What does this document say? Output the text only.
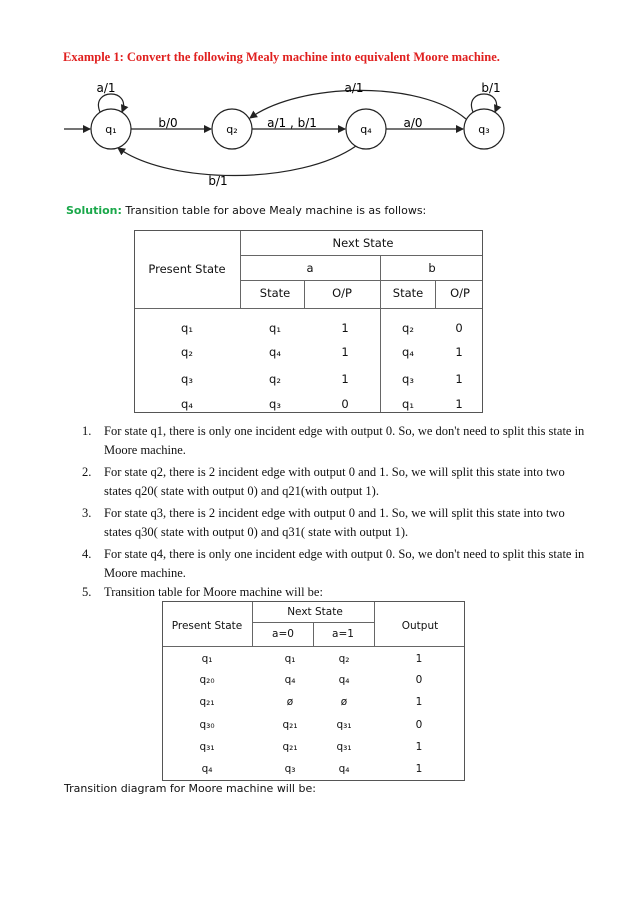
Example 1: Convert the following Mealy machine into equivalent Moore machine.
q₁	q₂	q₄	q₃
a/1
b/0	a/1 , b/1	a/0
a/1	b/1
b/1
Solution: Transition table for above Mealy machine is as follows:
Present State
Next State
a	b
State	O/P	State O/P
q₁	q₁	1	q₂	0
q₂	q₄	1	q₄	1
q₃	q₂	1	q₃	1
q₄	q₃	0	q₁	1
1.	For state q1, there is only one incident edge with output 0. So, we don't need to split this state in Moore machine.
2.	For state q2, there is 2 incident edge with output 0 and 1. So, we will split this state into two states q20( state with output 0) and q21(with output 1).
3.	For state q3, there is 2 incident edge with output 0 and 1. So, we will split this state into two states q30( state with output 0) and q31( state with output 1).
4.	For state q4, there is only one incident edge with output 0. So, we don't need to split this state in Moore machine.
5.	Transition table for Moore machine will be:
Present State
Next State
a=0	a=1
Output
q₁	q₁	q₂	1
q₂₀	q₄	q₄	0
q₂₁	ø	ø	1
q₃₀	q₂₁	q₃₁	0
q₃₁	q₂₁	q₃₁	1
q₄	q₃	q₄	1
Transition diagram for Moore machine will be:
